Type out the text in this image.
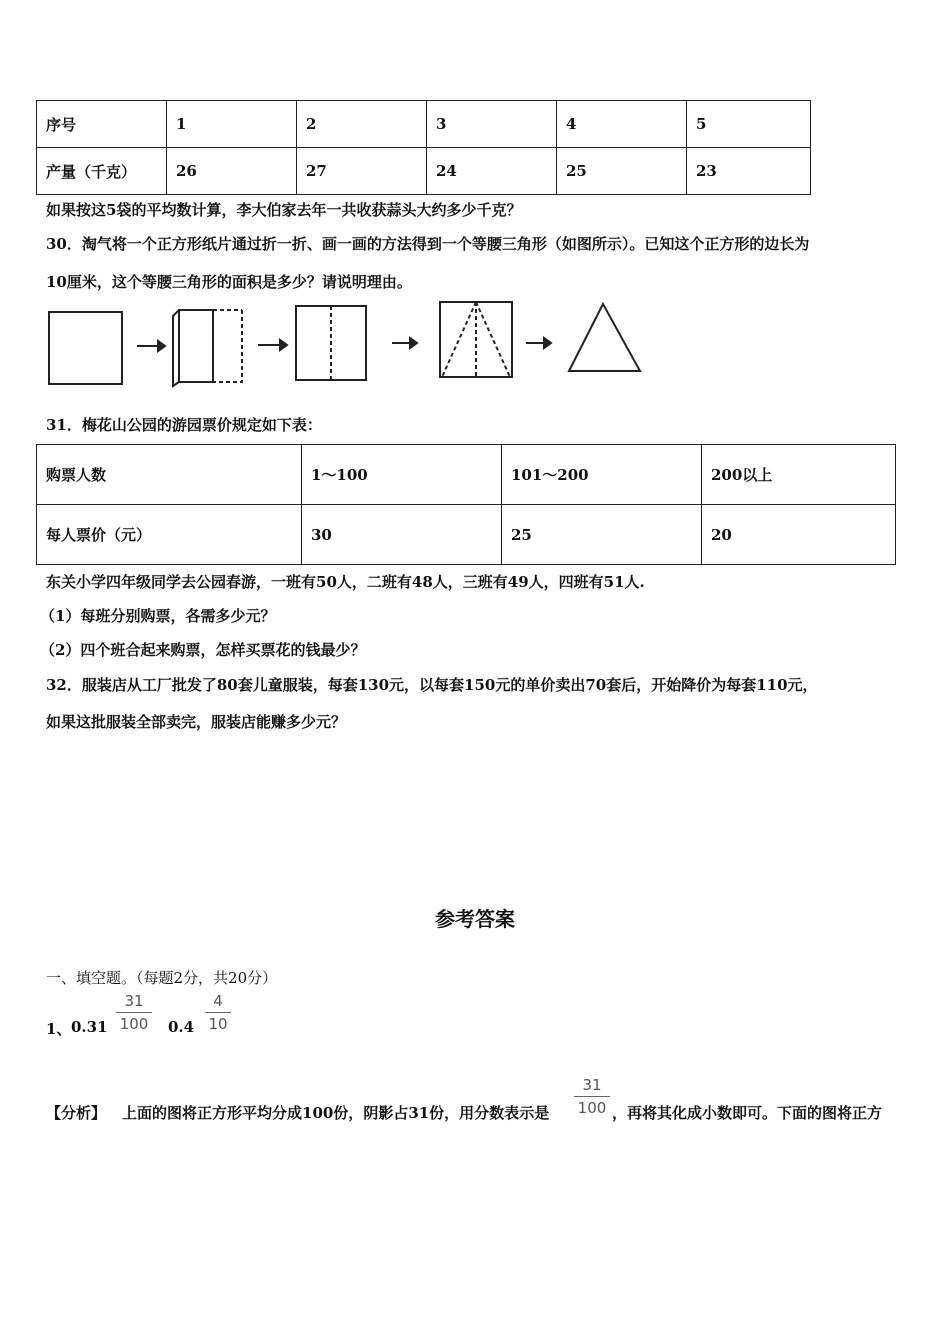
序号	1	2	3	4	5
产量（千克）	26	27	24	25	23
如果按这5袋的平均数计算，李大伯家去年一共收获蒜头大约多少千克？
30．淘气将一个正方形纸片通过折一折、画一画的方法得到一个等腰三角形（如图所示）。已知这个正方形的边长为
10厘米，这个等腰三角形的面积是多少？请说明理由。
31．梅花山公园的游园票价规定如下表：
购票人数	1～100	101～200	200以上
每人票价（元）	30	25	20
东关小学四年级同学去公园春游，一班有50人，二班有48人，三班有49人，四班有51人.
（1）每班分别购票，各需多少元？
（2）四个班合起来购票，怎样买票花的钱最少？
32．服装店从工厂批发了80套儿童服装，每套130元，以每套150元的单价卖出70套后，开始降价为每套110元，
如果这批服装全部卖完，服装店能赚多少元？
参考答案
一、填空题。（每题2分，共20分）
1、 $0.31 \frac{31}{100} 0.4 \frac{4}{10}$
【分析】 上面的图将正方形平均分成100份，阴影占31份，用分数表示是 $\frac{31}{100}$ ，再将其化成小数即可。下面的图将正方
